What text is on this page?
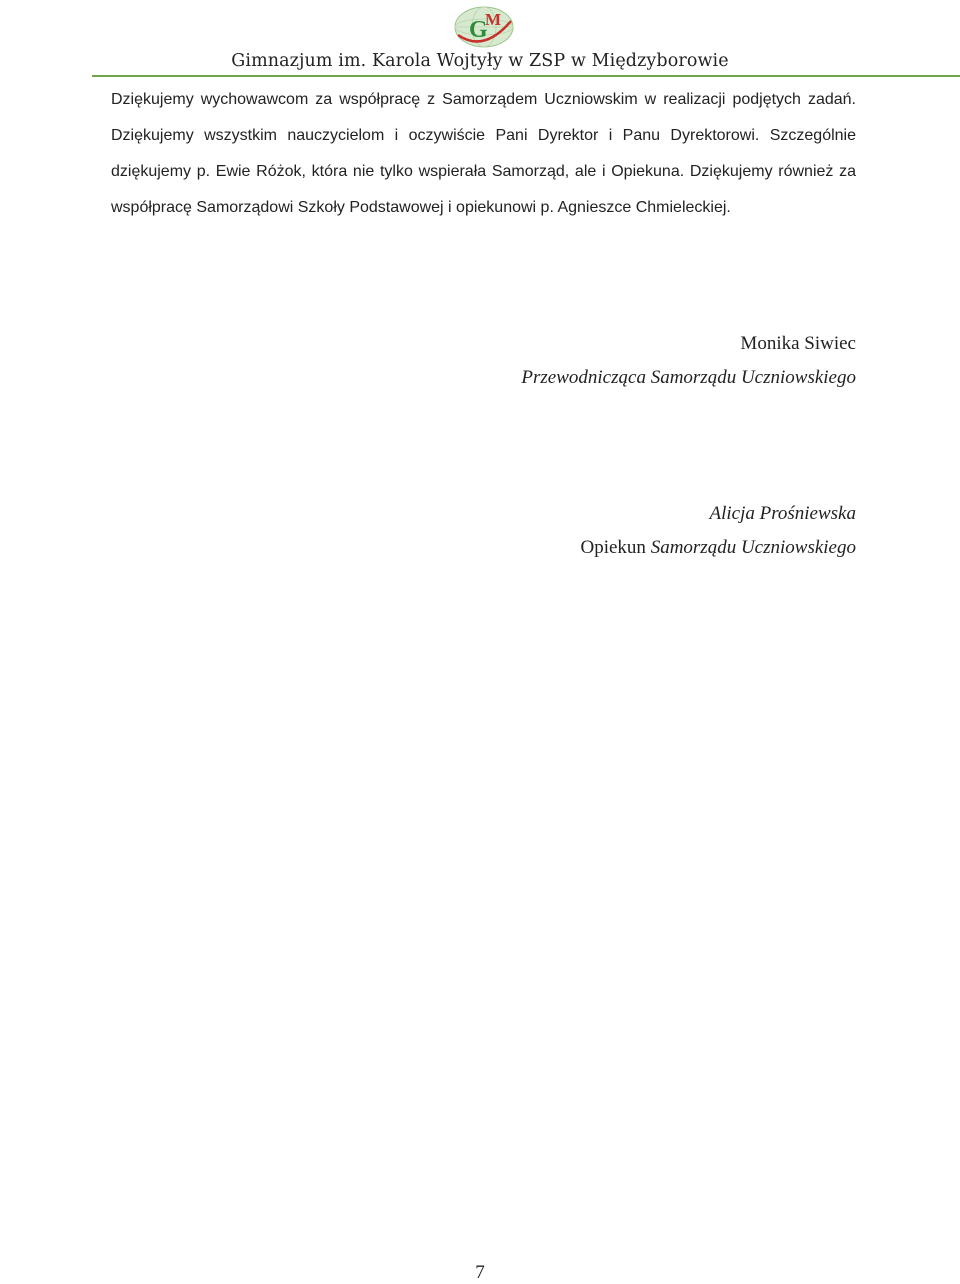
G
M
Gimnazjum im. Karola Wojtyły w ZSP w Międzyborowie

Dziękujemy wychowawcom za współpracę z Samorządem Uczniowskim w realizacji podjętych zadań. Dziękujemy wszystkim nauczycielom i oczywiście Pani Dyrektor i Panu Dyrektorowi. Szczególnie dziękujemy p. Ewie Różok, która nie tylko wspierała Samorząd, ale i Opiekuna. Dziękujemy również za współpracę Samorządowi Szkoły Podstawowej i opiekunowi p. Agnieszce Chmieleckiej.

Monika Siwiec
Przewodnicząca Samorządu Uczniowskiego
Alicja Prośniewska
Opiekun Samorządu Uczniowskiego
7
